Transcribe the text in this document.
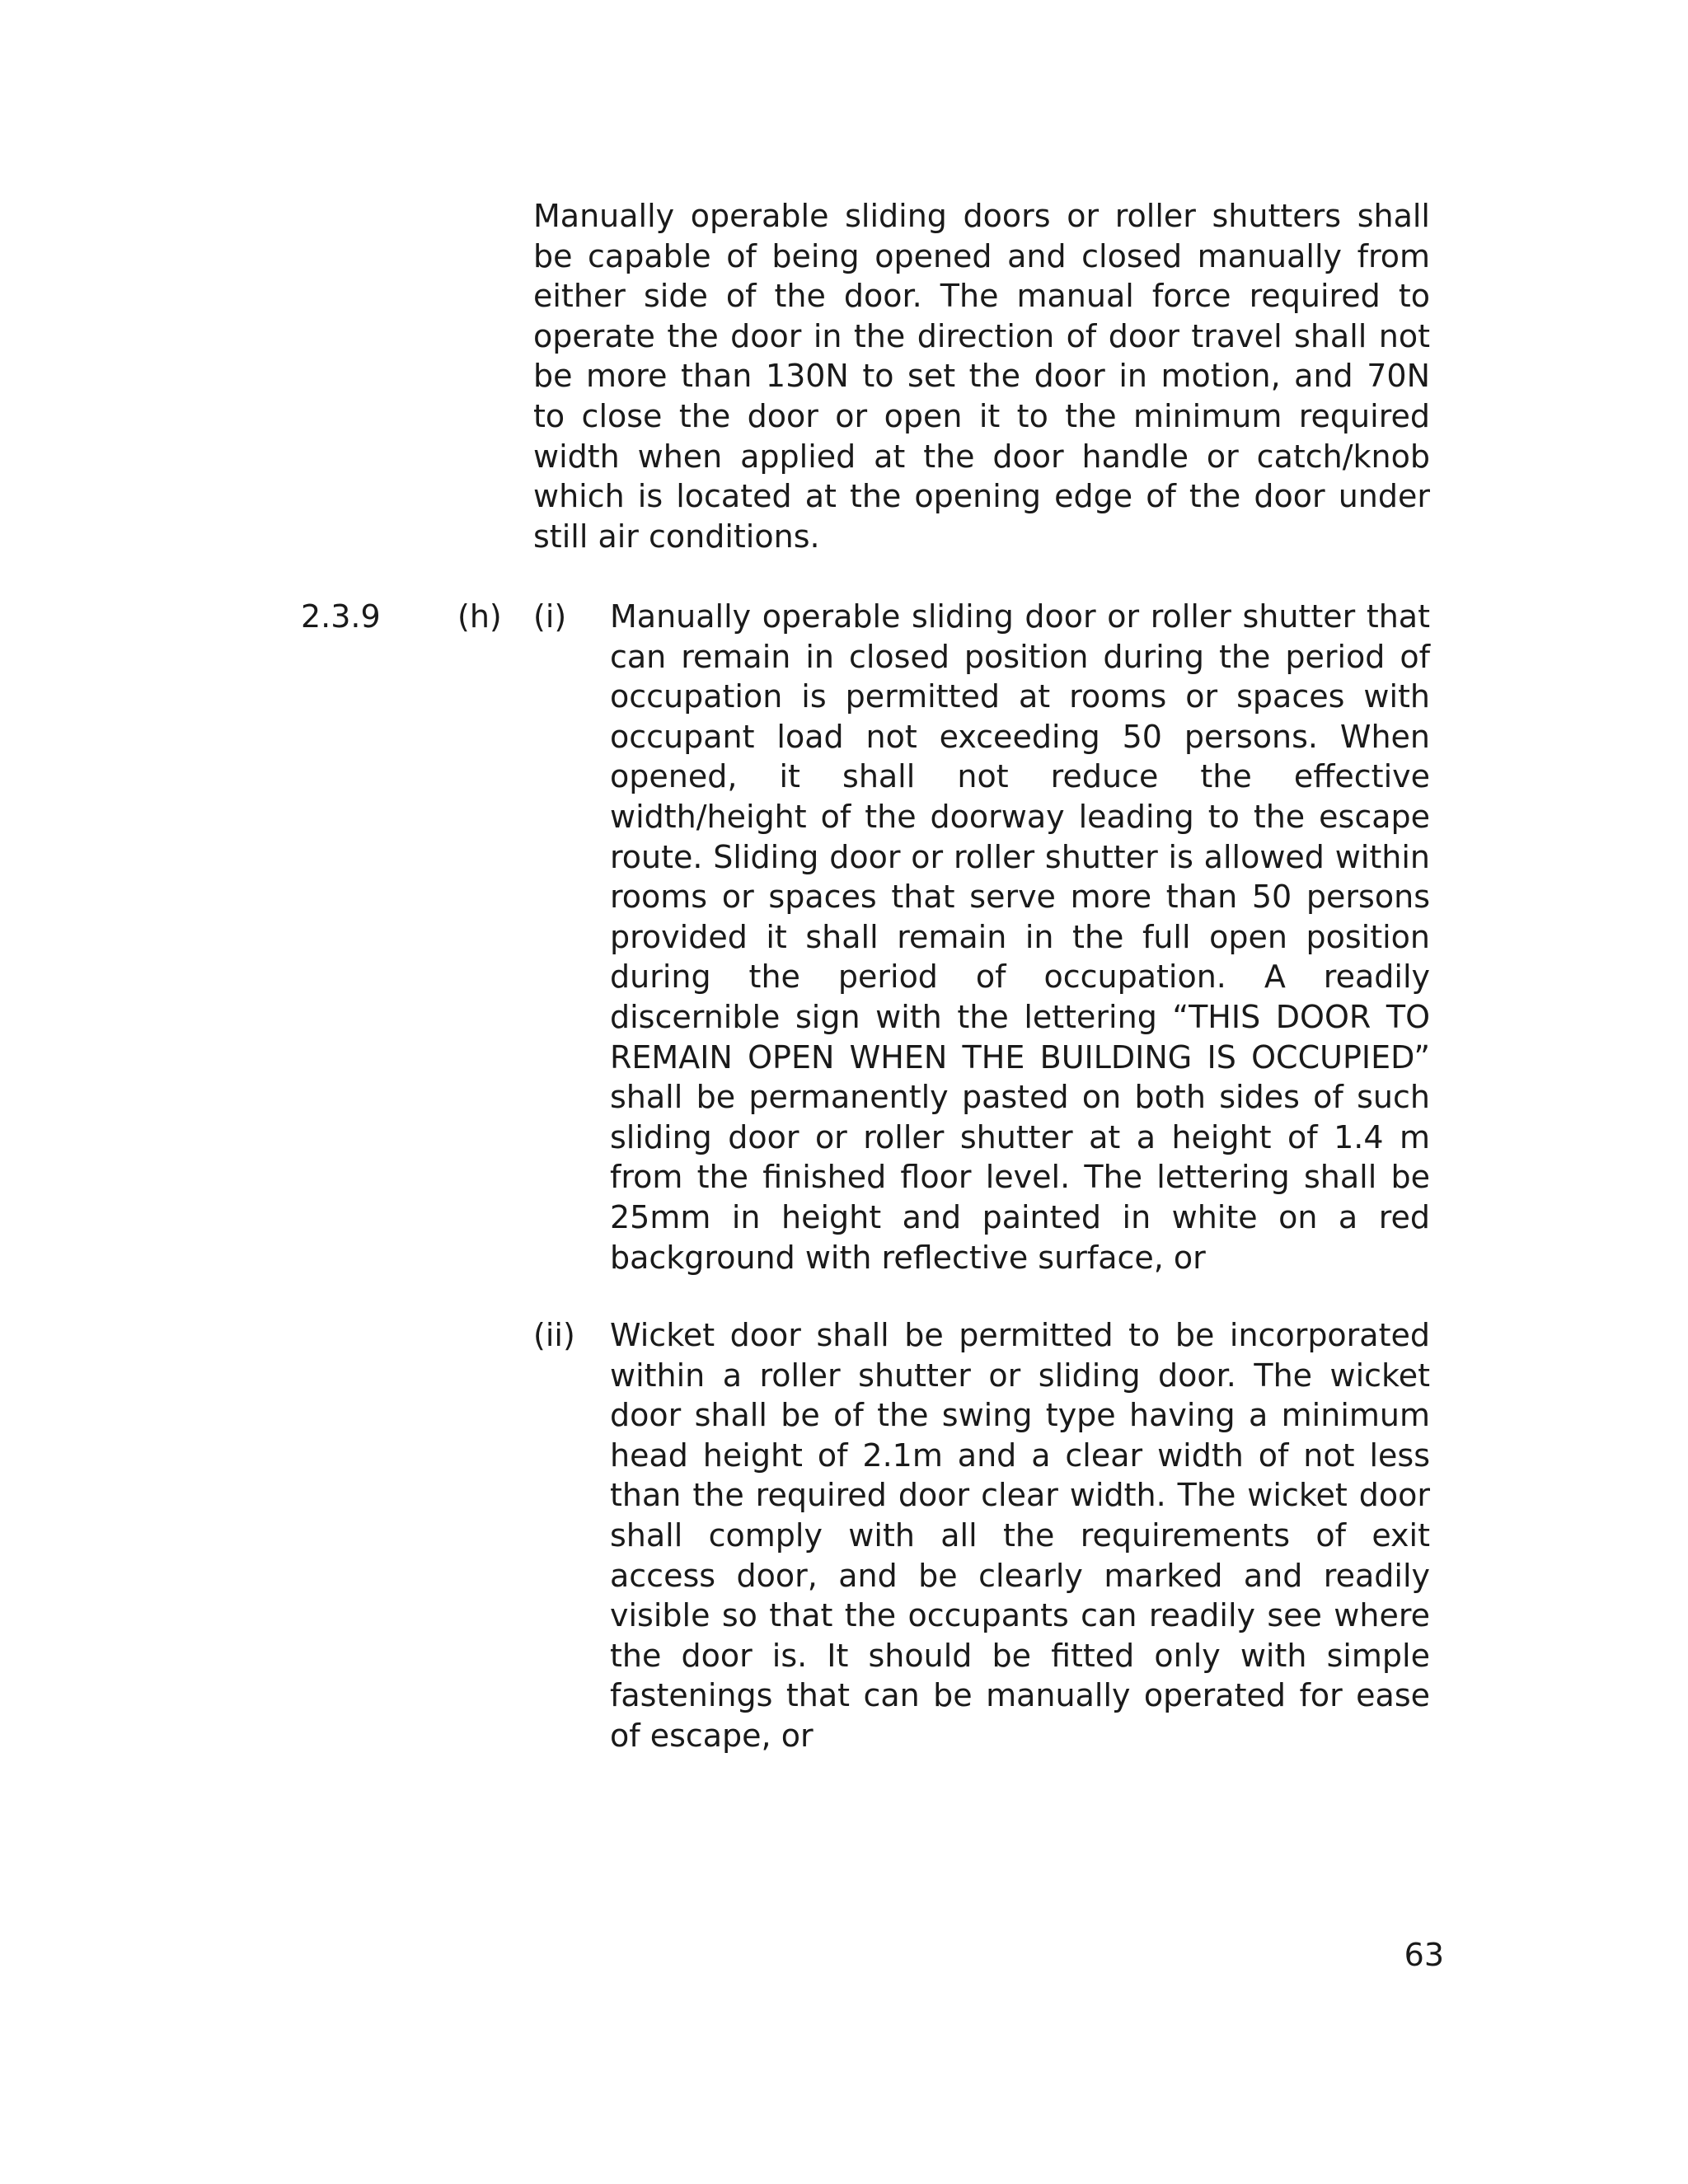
Manually operable sliding doors or roller shutters shall be capable of being opened and closed manually from either side of the door. The manual force required to operate the door in the direction of door travel shall not be more than 130N to set the door in motion, and 70N to close the door or open it to the minimum required width when applied at the door handle or catch/knob which is located at the opening edge of the door under still air conditions.

2.3.9 (h) (i) Manually operable sliding door or roller shutter that can remain in closed position during the period of occupation is permitted at rooms or spaces with occupant load not exceeding 50 persons. When opened, it shall not reduce the effective width/height of the doorway leading to the escape route. Sliding door or roller shutter is allowed within rooms or spaces that serve more than 50 persons provided it shall remain in the full open position during the period of occupation. A readily discernible sign with the lettering “THIS DOOR TO REMAIN OPEN WHEN THE BUILDING IS OCCUPIED” shall be permanently pasted on both sides of such sliding door or roller shutter at a height of 1.4 m from the finished floor level. The lettering shall be 25mm in height and painted in white on a red background with reflective surface, or

(ii) Wicket door shall be permitted to be incorporated within a roller shutter or sliding door. The wicket door shall be of the swing type having a minimum head height of 2.1m and a clear width of not less than the required door clear width. The wicket door shall comply with all the requirements of exit access door, and be clearly marked and readily visible so that the occupants can readily see where the door is. It should be fitted only with simple fastenings that can be manually operated for ease of escape, or

63
